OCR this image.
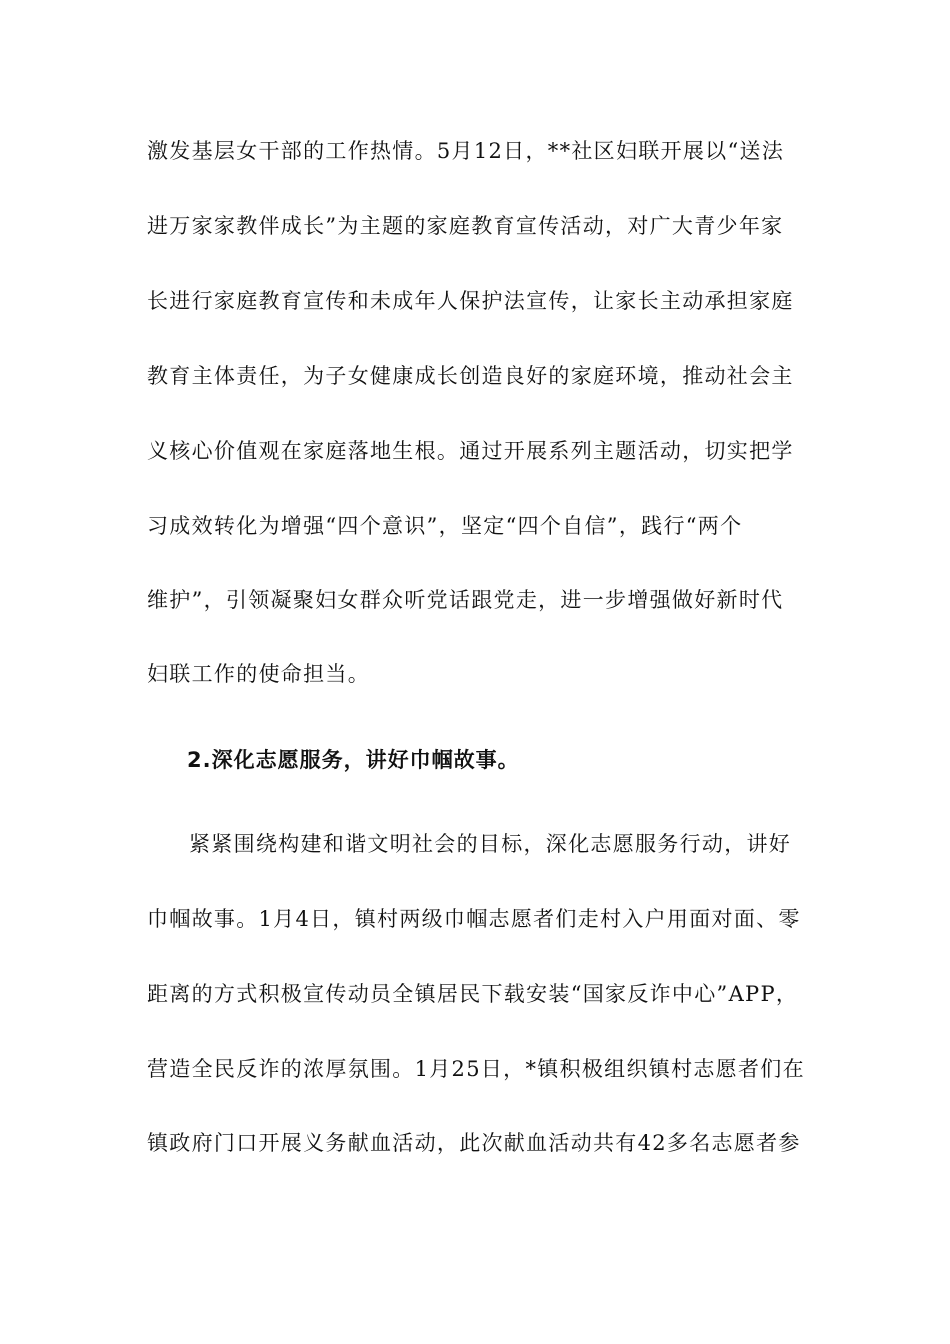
激发基层女干部的工作热情。5月12日，**社区妇联开展以“送法
进万家家教伴成长”为主题的家庭教育宣传活动，对广大青少年家
长进行家庭教育宣传和未成年人保护法宣传，让家长主动承担家庭
教育主体责任，为子女健康成长创造良好的家庭环境，推动社会主
义核心价值观在家庭落地生根。通过开展系列主题活动，切实把学
习成效转化为增强“四个意识”，坚定“四个自信”，践行“两个
维护”，引领凝聚妇女群众听党话跟党走，进一步增强做好新时代
妇联工作的使命担当。
2.深化志愿服务，讲好巾帼故事。
紧紧围绕构建和谐文明社会的目标，深化志愿服务行动，讲好
巾帼故事。1月4日，镇村两级巾帼志愿者们走村入户用面对面、零
距离的方式积极宣传动员全镇居民下载安装“国家反诈中心”APP，
营造全民反诈的浓厚氛围。1月25日，*镇积极组织镇村志愿者们在
镇政府门口开展义务献血活动，此次献血活动共有42多名志愿者参
